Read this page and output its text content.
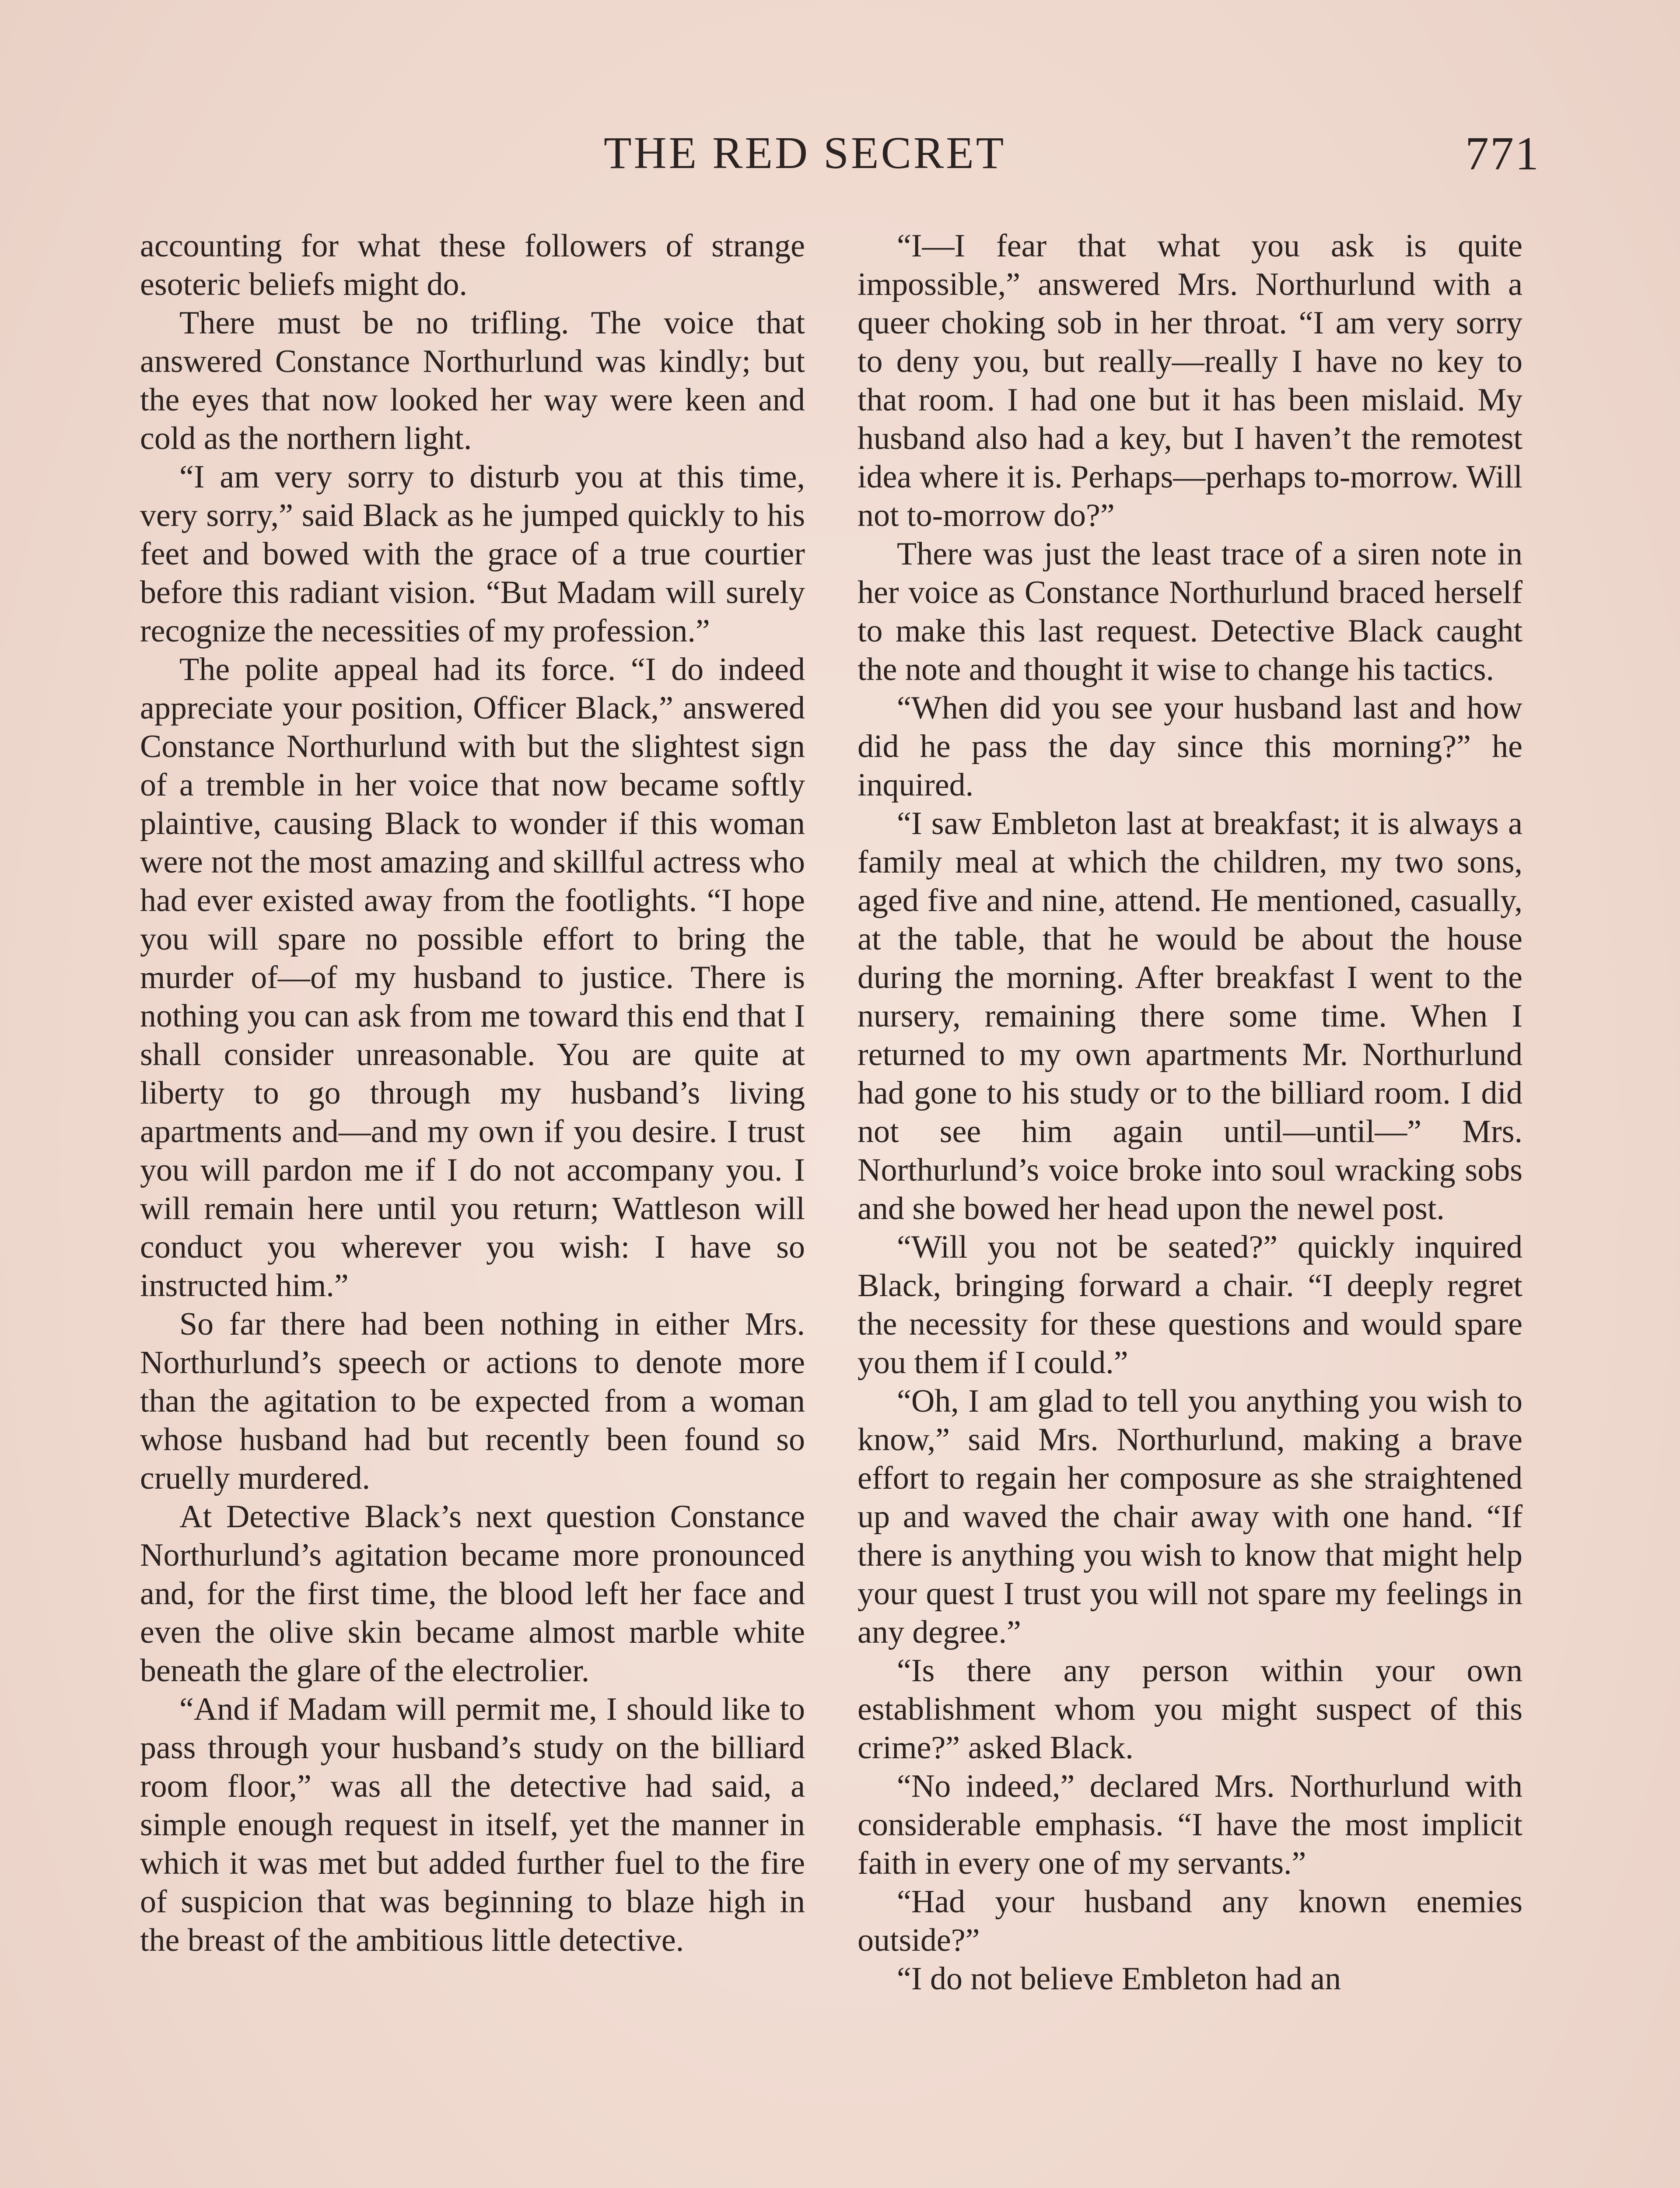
THE RED SECRET	771

accounting for what these followers of strange esoteric beliefs might do.

There must be no trifling. The voice that answered Constance Northurlund was kindly; but the eyes that now looked her way were keen and cold as the northern light.

“I am very sorry to disturb you at this time, very sorry,” said Black as he jumped quickly to his feet and bowed with the grace of a true courtier before this radiant vision. “But Madam will surely recognize the necessities of my profession.”

The polite appeal had its force. “I do indeed appreciate your position, Officer Black,” answered Constance Northurlund with but the slightest sign of a tremble in her voice that now became softly plaintive, causing Black to wonder if this woman were not the most amazing and skillful actress who had ever existed away from the footlights. “I hope you will spare no possible effort to bring the murder of—of my husband to justice. There is nothing you can ask from me toward this end that I shall consider unreasonable. You are quite at liberty to go through my husband’s living apartments and—and my own if you desire. I trust you will pardon me if I do not accompany you. I will remain here until you return; Wattleson will conduct you wherever you wish: I have so instructed him.”

So far there had been nothing in either Mrs. Northurlund’s speech or actions to denote more than the agitation to be expected from a woman whose husband had but recently been found so cruelly murdered.

At Detective Black’s next question Constance Northurlund’s agitation became more pronounced and, for the first time, the blood left her face and even the olive skin became almost marble white beneath the glare of the electrolier.

“And if Madam will permit me, I should like to pass through your husband’s study on the billiard room floor,” was all the detective had said, a simple enough request in itself, yet the manner in which it was met but added further fuel to the fire of suspicion that was beginning to blaze high in the breast of the ambitious little detective.

“I—I fear that what you ask is quite impossible,” answered Mrs. Northurlund with a queer choking sob in her throat. “I am very sorry to deny you, but really—really I have no key to that room. I had one but it has been mislaid. My husband also had a key, but I haven’t the remotest idea where it is. Perhaps—perhaps to-morrow. Will not to-morrow do?”

There was just the least trace of a siren note in her voice as Constance Northurlund braced herself to make this last request. Detective Black caught the note and thought it wise to change his tactics.

“When did you see your husband last and how did he pass the day since this morning?” he inquired.

“I saw Embleton last at breakfast; it is always a family meal at which the children, my two sons, aged five and nine, attend. He mentioned, casually, at the table, that he would be about the house during the morning. After breakfast I went to the nursery, remaining there some time. When I returned to my own apartments Mr. Northurlund had gone to his study or to the billiard room. I did not see him again until—until—” Mrs. Northurlund’s voice broke into soul wracking sobs and she bowed her head upon the newel post.

“Will you not be seated?” quickly inquired Black, bringing forward a chair. “I deeply regret the necessity for these questions and would spare you them if I could.”

“Oh, I am glad to tell you anything you wish to know,” said Mrs. Northurlund, making a brave effort to regain her composure as she straightened up and waved the chair away with one hand. “If there is anything you wish to know that might help your quest I trust you will not spare my feelings in any degree.”

“Is there any person within your own establishment whom you might suspect of this crime?” asked Black.

“No indeed,” declared Mrs. Northurlund with considerable emphasis. “I have the most implicit faith in every one of my servants.”

“Had your husband any known enemies outside?”

“I do not believe Embleton had an
